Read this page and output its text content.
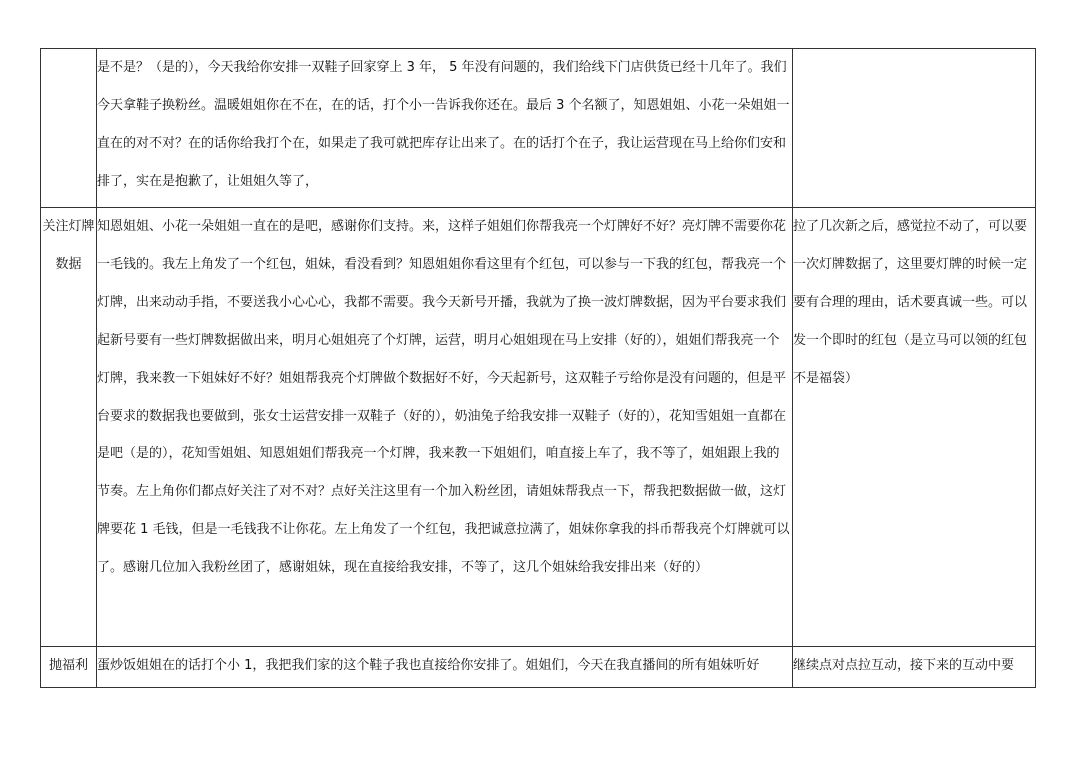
	是不是？（是的），今天我给你安排一双鞋子回家穿上 3 年， 5 年没有问题的，我们给线下门店供货已经十几年了。我们今天拿鞋子换粉丝。温暖姐姐你在不在，在的话，打个小一告诉我你还在。最后 3 个名额了，知恩姐姐、小花一朵姐姐一直在的对不对？在的话你给我打个在，如果走了我可就把库存让出来了。在的话打个在子，我让运营现在马上给你们安和排了，实在是抱歉了，让姐姐久等了，	
关注灯牌数据	知恩姐姐、小花一朵姐姐一直在的是吧，感谢你们支持。来，这样子姐姐们你帮我亮一个灯牌好不好？亮灯牌不需要你花一毛钱的。我左上角发了一个红包，姐妹，看没看到？知恩姐姐你看这里有个红包，可以参与一下我的红包，帮我亮一个灯牌，出来动动手指，不要送我小心心心，我都不需要。我今天新号开播，我就为了换一波灯牌数据，因为平台要求我们起新号要有一些灯牌数据做出来，明月心姐姐亮了个灯牌，运营，明月心姐姐现在马上安排（好的），姐姐们帮我亮一个灯牌，我来教一下姐妹好不好？姐姐帮我亮个灯牌做个数据好不好，今天起新号，这双鞋子亏给你是没有问题的，但是平台要求的数据我也要做到，张女士运营安排一双鞋子（好的），奶油兔子给我安排一双鞋子（好的），花知雪姐姐一直都在是吧（是的），花知雪姐姐、知恩姐姐们帮我亮一个灯牌，我来教一下姐姐们，咱直接上车了，我不等了，姐姐跟上我的节奏。左上角你们都点好关注了对不对？点好关注这里有一个加入粉丝团，请姐妹帮我点一下，帮我把数据做一做，这灯牌要花 1 毛钱，但是一毛钱我不让你花。左上角发了一个红包，我把诚意拉满了，姐妹你拿我的抖币帮我亮个灯牌就可以了。感谢几位加入我粉丝团了，感谢姐妹，现在直接给我安排，不等了，这几个姐妹给我安排出来（好的）	拉了几次新之后，感觉拉不动了，可以要一次灯牌数据了，这里要灯牌的时候一定要有合理的理由，话术要真诚一些。可以发一个即时的红包（是立马可以领的红包不是福袋）
抛福利	蛋炒饭姐姐在的话打个小 1，我把我们家的这个鞋子我也直接给你安排了。姐姐们，今天在我直播间的所有姐妹听好	继续点对点拉互动，接下来的互动中要
